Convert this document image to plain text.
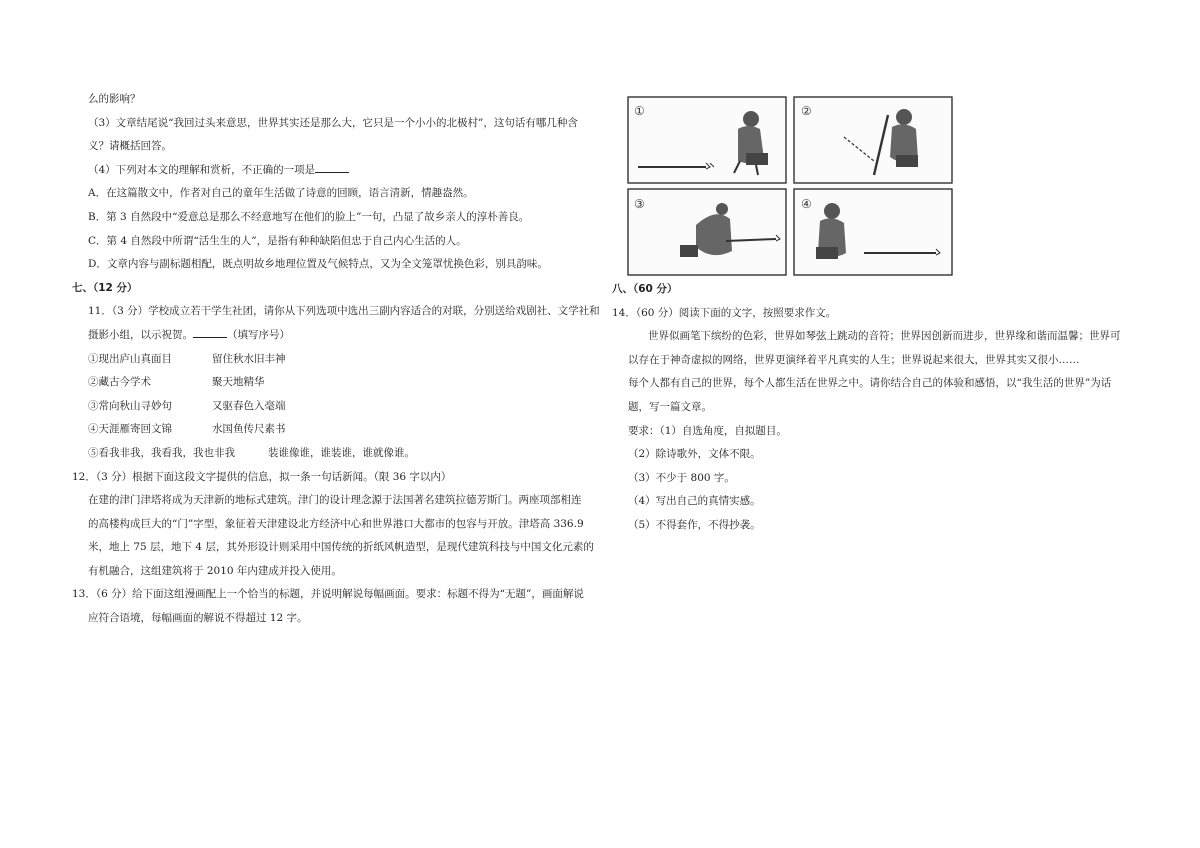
么的影响？
（3）文章结尾说“我回过头来意思，世界其实还是那么大，它只是一个小小的北极村”，这句话有哪几种含
义？请概括回答。
（4）下列对本文的理解和赏析，不正确的一项是
A．在这篇散文中，作者对自己的童年生活做了诗意的回顾，语言清新，情趣盎然。
B．第 3 自然段中“爱意总是那么不经意地写在他们的脸上”一句，凸显了故乡亲人的淳朴善良。
C．第 4 自然段中所谓“活生生的人”，是指有种种缺陷但忠于自己内心生活的人。
D．文章内容与副标题相配，既点明故乡地理位置及气候特点，又为全文笼罩忧换色彩，别具韵味。
七、（12 分）
11．（3 分）学校成立若干学生社团，请你从下列选项中选出三副内容适合的对联，分别送给戏剧社、文学社和
摄影小组，以示祝贺。	（填写序号）
①现出庐山真面目	留住秋水旧丰神
②藏古今学术	聚天地精华
③常向秋山寻妙句	又驱春色入毫端
④天涯雁寄回文锦	水国鱼传尺素书
⑤看我非我，我看我，我也非我	装谁像谁，谁装谁，谁就像谁。
12．（3 分）根据下面这段文字提供的信息，拟一条一句话新闻。（限 36 字以内）
在建的津门津塔将成为天津新的地标式建筑。津门的设计理念源于法国著名建筑拉德芳斯门。两座项部相连
的高楼构成巨大的“门”字型，象征着天津建设北方经济中心和世界港口大都市的包容与开放。津塔高 336.9
米，地上 75 层，地下 4 层，其外形设计则采用中国传统的折纸风帆造型，是现代建筑科技与中国文化元素的
有机融合，这组建筑将于 2010 年内建成并投入使用。
13．（6 分）给下面这组漫画配上一个恰当的标题，并说明解说每幅画面。要求：标题不得为“无题”，画面解说
应符合语境，每幅画面的解说不得超过 12 字。
①	②
③	④
八、（60 分）
14．（60 分）阅读下面的文字，按照要求作文。
世界似画笔下缤纷的色彩，世界如琴弦上跳动的音符；世界因创新而进步，世界缘和谐而温馨；世界可
以存在于神奇虚拟的网络，世界更演绎着平凡真实的人生；世界说起来很大，世界其实又很小……
每个人都有自己的世界，每个人都生活在世界之中。请你结合自己的体验和感悟，以“我生活的世界”为话
题，写一篇文章。
要求：（1）自选角度，自拟题目。
（2）除诗歌外，文体不限。
（3）不少于 800 字。
（4）写出自己的真情实感。
（5）不得套作，不得抄袭。
